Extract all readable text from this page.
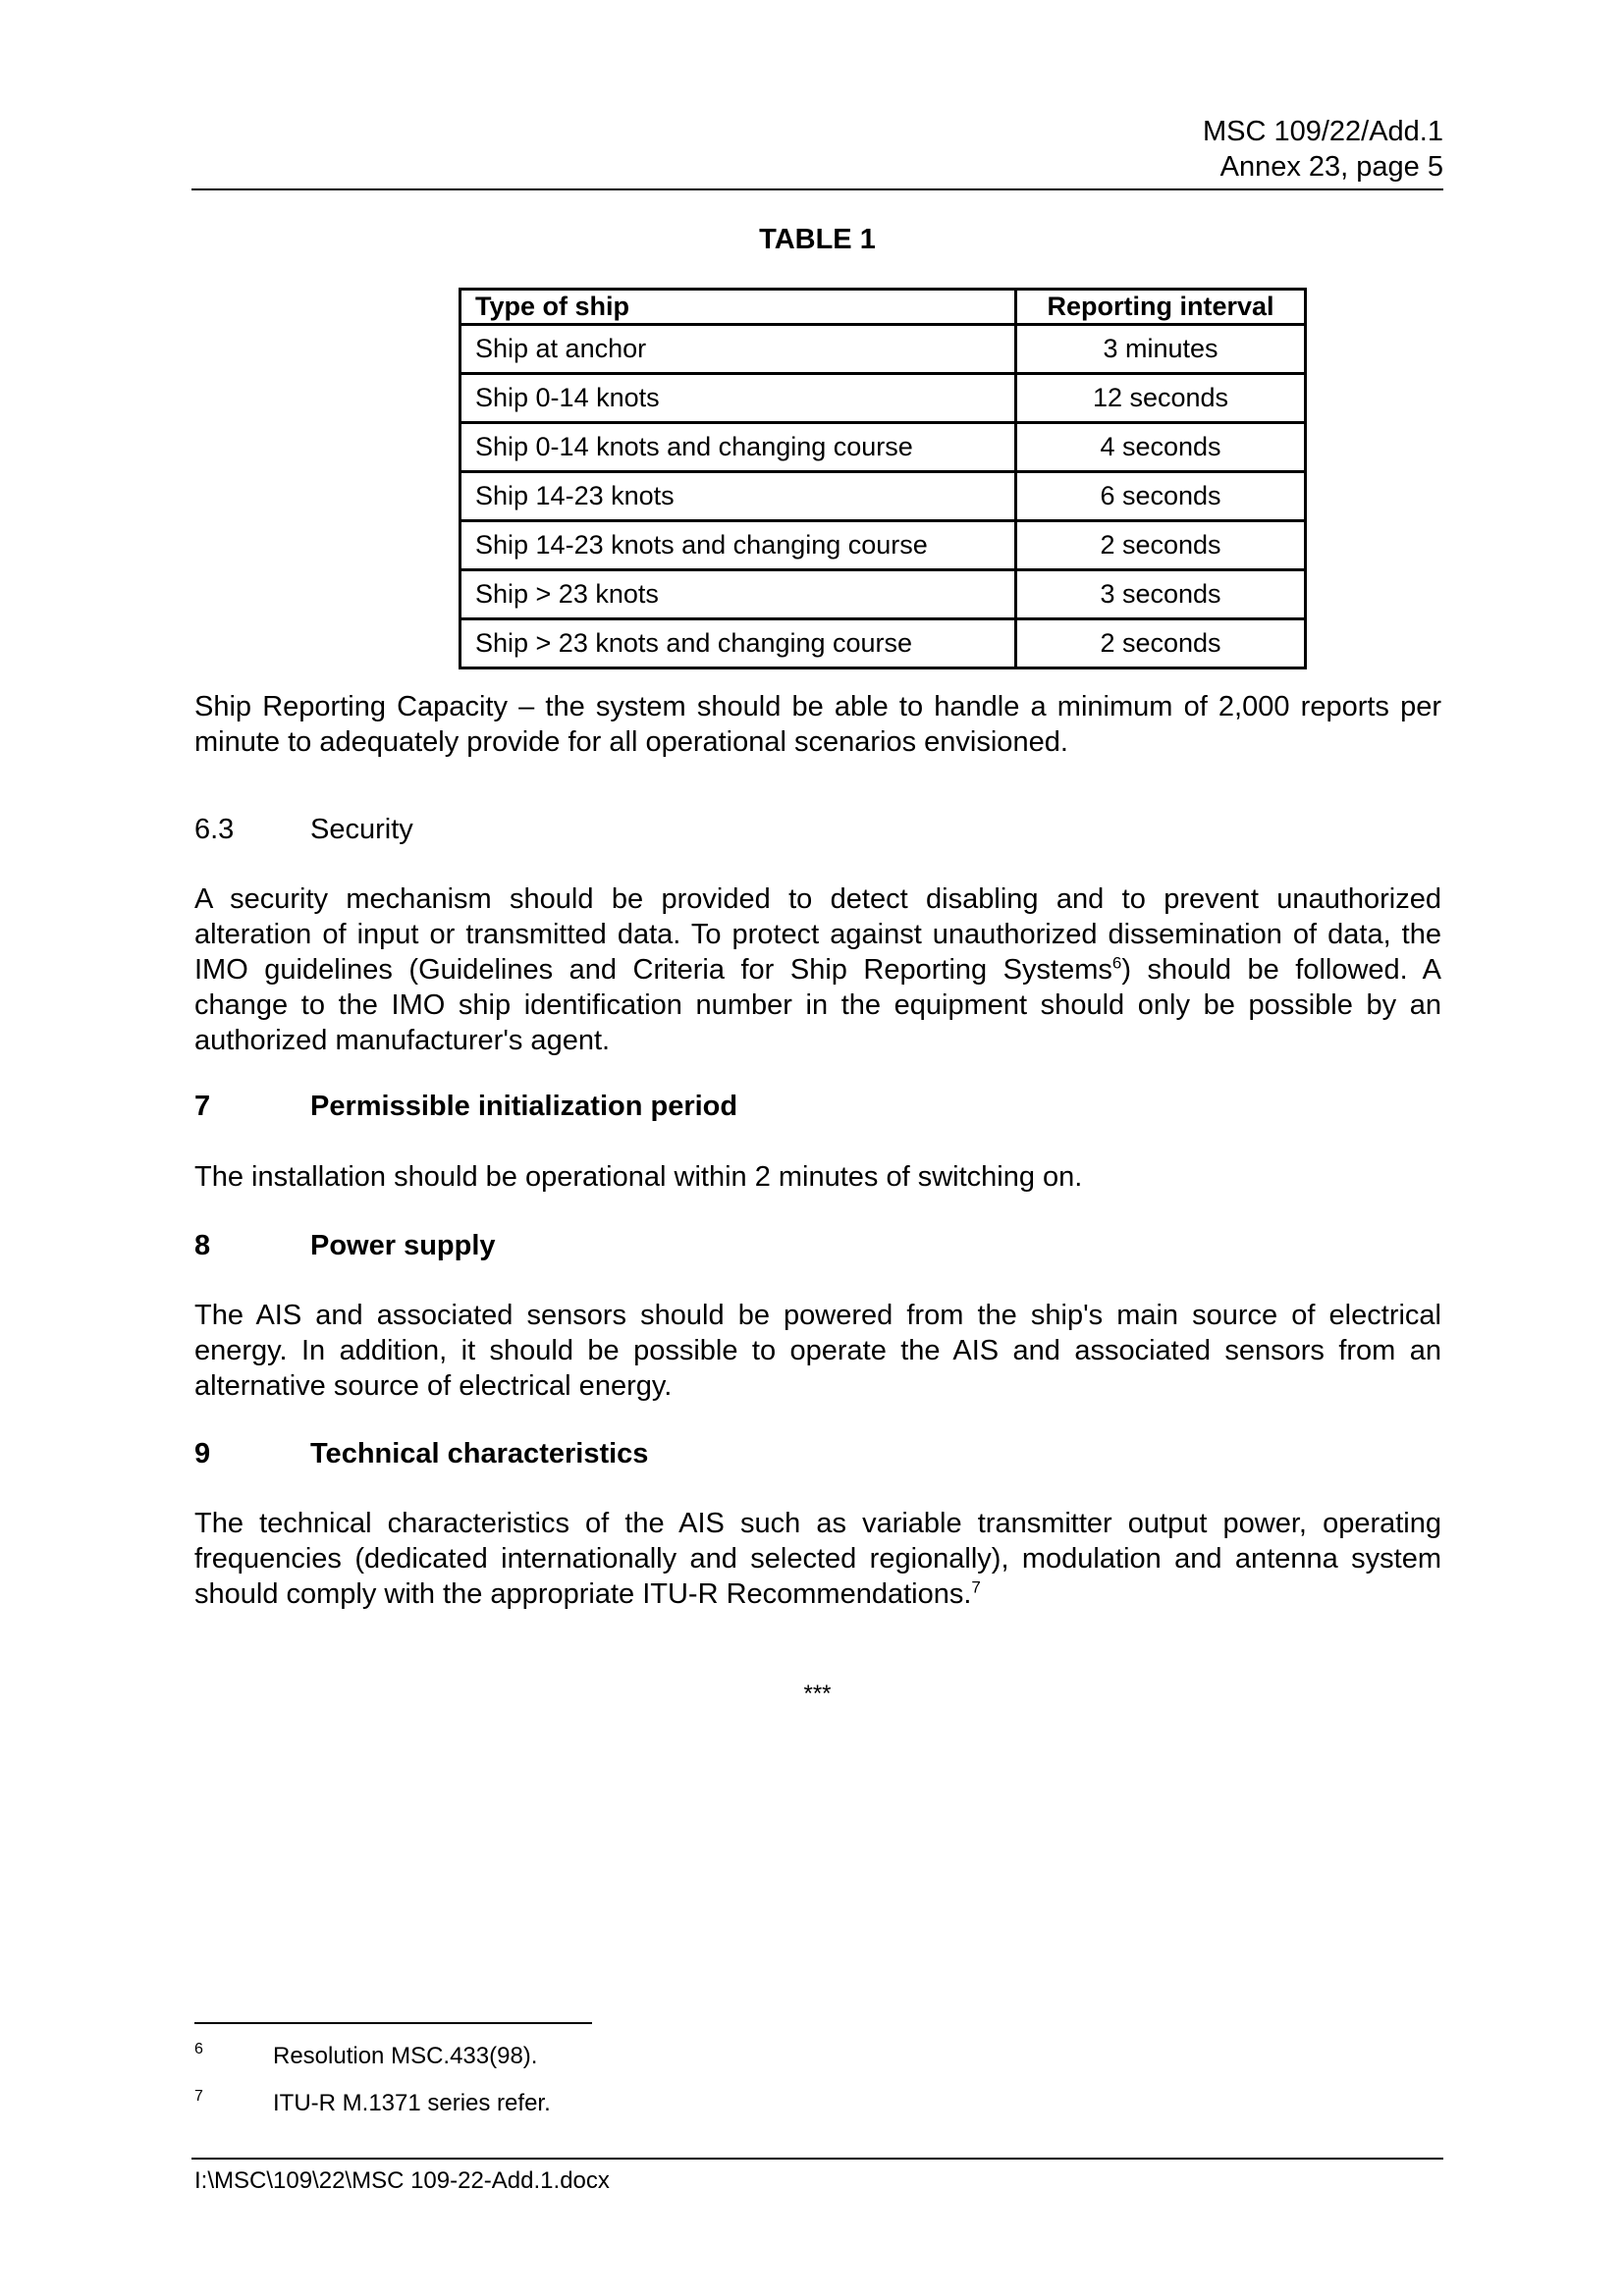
MSC 109/22/Add.1
Annex 23, page 5
TABLE 1
Type of ship	Reporting interval
Ship at anchor	3 minutes
Ship 0-14 knots	12 seconds
Ship 0-14 knots and changing course	4 seconds
Ship 14-23 knots	6 seconds
Ship 14-23 knots and changing course	2 seconds
Ship > 23 knots	3 seconds
Ship > 23 knots and changing course	2 seconds

Ship Reporting Capacity – the system should be able to handle a minimum of 2,000 reports per minute to adequately provide for all operational scenarios envisioned.

6.3	Security

A security mechanism should be provided to detect disabling and to prevent unauthorized alteration of input or transmitted data. To protect against unauthorized dissemination of data, the IMO guidelines (Guidelines and Criteria for Ship Reporting Systems$^6$) should be followed. A change to the IMO ship identification number in the equipment should only be possible by an authorized manufacturer's agent.

7	Permissible initialization period

The installation should be operational within 2 minutes of switching on.

8	Power supply

The AIS and associated sensors should be powered from the ship's main source of electrical energy. In addition, it should be possible to operate the AIS and associated sensors from an alternative source of electrical energy.

9	Technical characteristics

The technical characteristics of the AIS such as variable transmitter output power, operating frequencies (dedicated internationally and selected regionally), modulation and antenna system should comply with the appropriate ITU-R Recommendations.$^7$

***
6	Resolution MSC.433(98).
7	ITU-R M.1371 series refer.
I:\MSC\109\22\MSC 109-22-Add.1.docx
